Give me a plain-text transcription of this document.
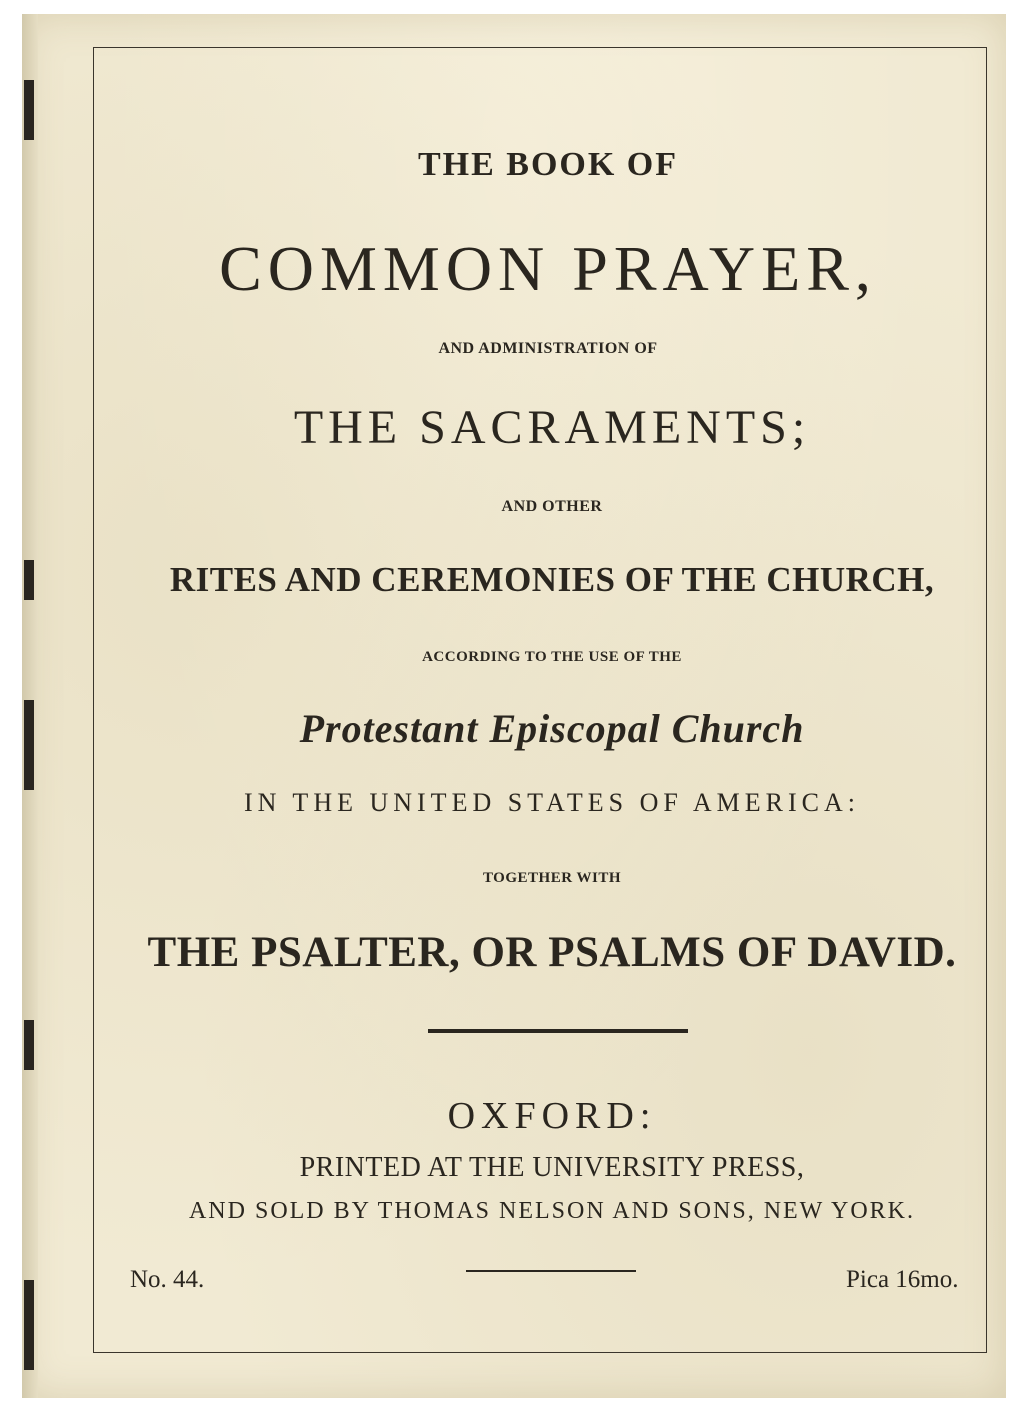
THE BOOK OF
COMMON PRAYER,
AND ADMINISTRATION OF
THE SACRAMENTS;
AND OTHER
RITES AND CEREMONIES OF THE CHURCH,
ACCORDING TO THE USE OF THE
Protestant Episcopal Church
IN THE UNITED STATES OF AMERICA:
TOGETHER WITH
THE PSALTER, OR PSALMS OF DAVID.
OXFORD:
PRINTED AT THE UNIVERSITY PRESS,
AND SOLD BY THOMAS NELSON AND SONS, NEW YORK.
No. 44.	Pica 16mo.
